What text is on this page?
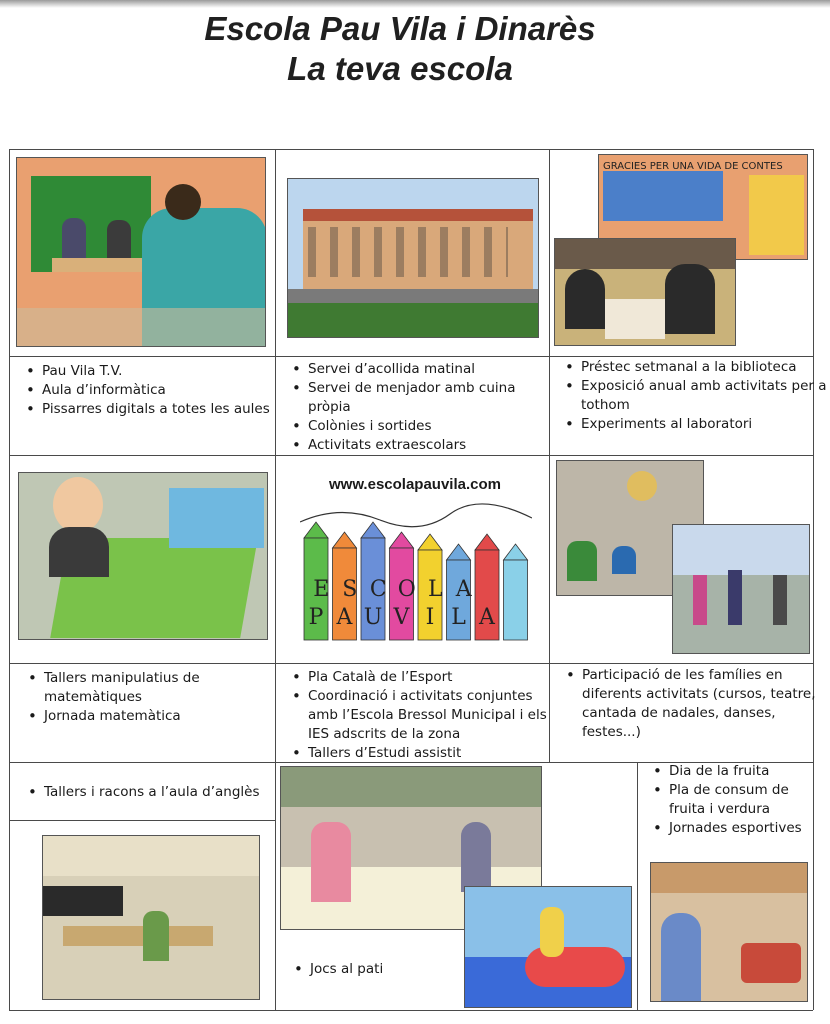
Escola Pau Vila i Dinarès
La teva escola
GRACIES PER UNA VIDA DE CONTES
www.escolapauvila.com
E S C O L A
P A U V I L A
• Pau Vila T.V.
• Aula d’informàtica
• Pissarres digitals a totes les aules
• Servei d’acollida matinal
• Servei de menjador amb cuina pròpia
• Colònies i sortides
• Activitats extraescolars
• Préstec setmanal a la biblioteca
• Exposició anual amb activitats per a tothom
• Experiments al laboratori
• Tallers manipulatius de matemàtiques
• Jornada matemàtica
• Pla Català de l’Esport
• Coordinació i activitats conjuntes amb l’Escola Bressol Municipal i els IES adscrits de la zona
• Tallers d’Estudi assistit
• Participació de les famílies en diferents activitats (cursos, teatre, cantada de nadales, danses, festes...)
• Tallers i racons a l’aula d’anglès
• Jocs al pati
• Dia de la fruita
• Pla de consum de fruita i verdura
• Jornades esportives
